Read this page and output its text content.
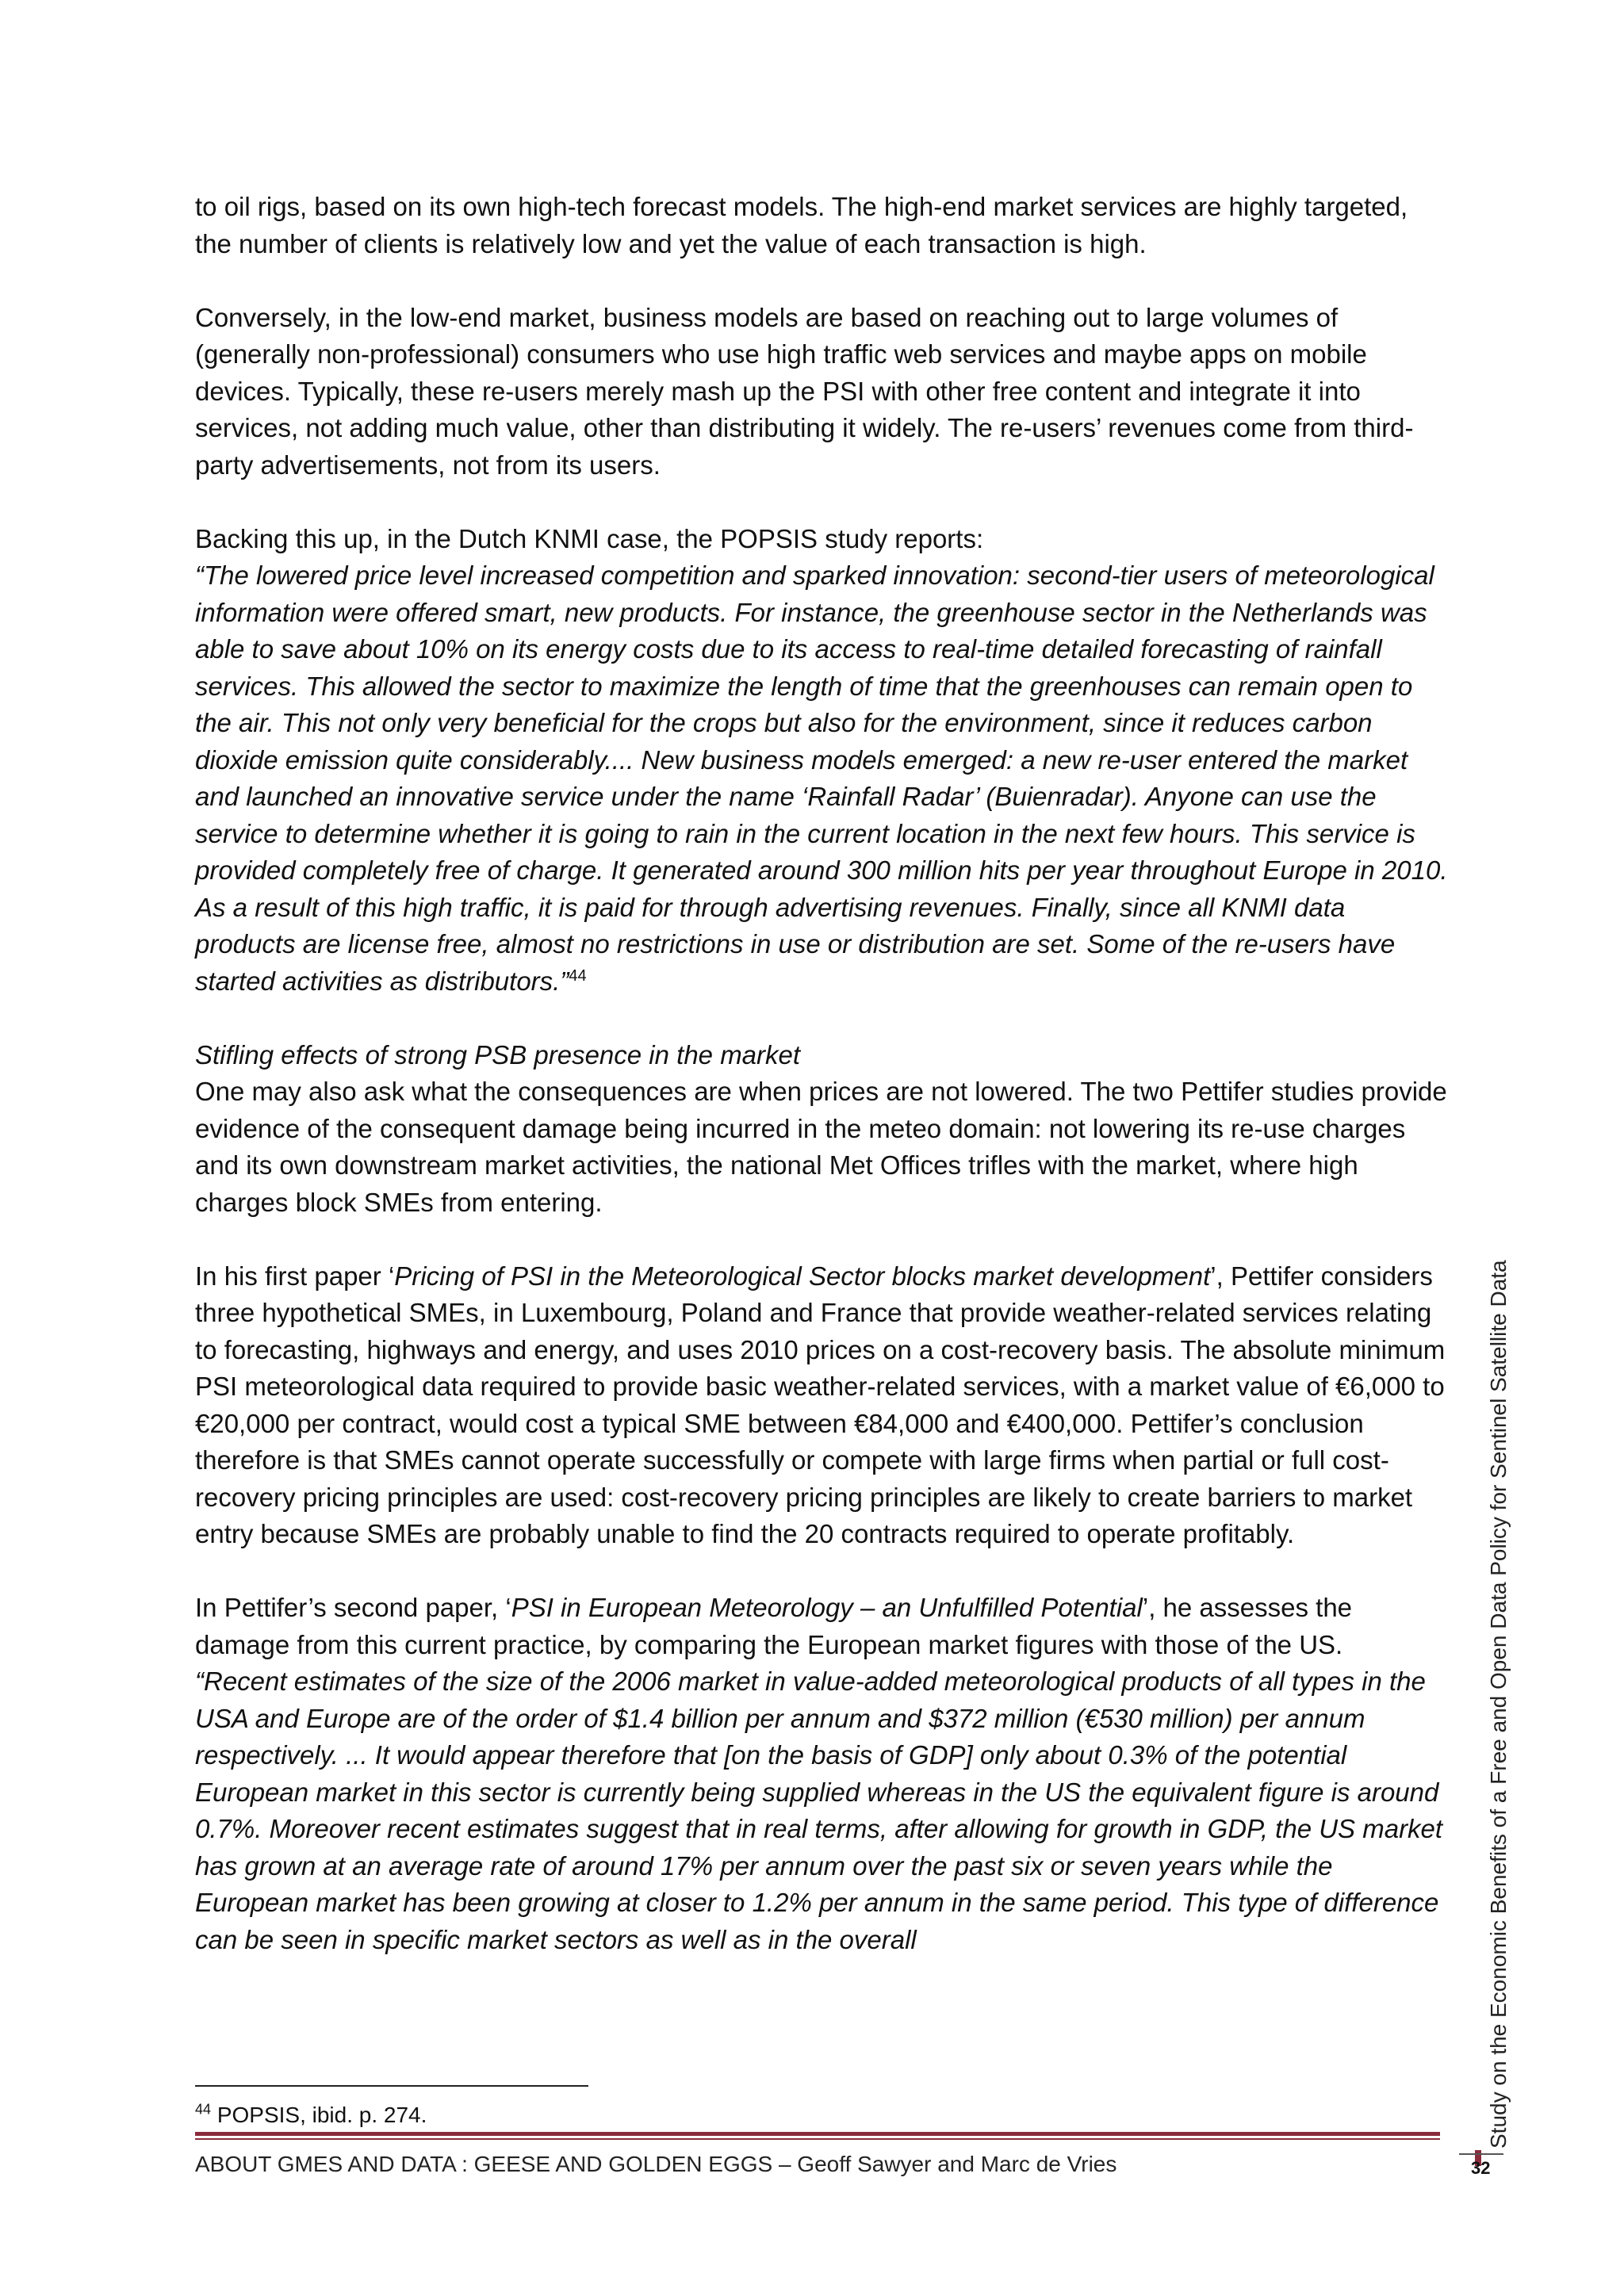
to oil rigs, based on its own high-tech forecast models. The high-end market services are highly targeted, the number of clients is relatively low and yet the value of each transaction is high.

Conversely, in the low-end market, business models are based on reaching out to large volumes of (generally non-professional) consumers who use high traffic web services and maybe apps on mobile devices. Typically, these re-users merely mash up the PSI with other free content and integrate it into services, not adding much value, other than distributing it widely. The re-users’ revenues come from third-party advertisements, not from its users.

Backing this up, in the Dutch KNMI case, the POPSIS study reports:

“The lowered price level increased competition and sparked innovation: second-tier users of meteorological information were offered smart, new products. For instance, the greenhouse sector in the Netherlands was able to save about 10% on its energy costs due to its access to real-time detailed forecasting of rainfall services. This allowed the sector to maximize the length of time that the greenhouses can remain open to the air. This not only very beneficial for the crops but also for the environment, since it reduces carbon dioxide emission quite considerably.... New business models emerged: a new re-user entered the market and launched an innovative service under the name ‘Rainfall Radar’ (Buienradar). Anyone can use the service to determine whether it is going to rain in the current location in the next few hours. This service is provided completely free of charge. It generated around 300 million hits per year throughout Europe in 2010. As a result of this high traffic, it is paid for through advertising revenues. Finally, since all KNMI data products are license free, almost no restrictions in use or distribution are set. Some of the re-users have started activities as distributors.”$^{44}$

Stifling effects of strong PSB presence in the market
One may also ask what the consequences are when prices are not lowered. The two Pettifer studies provide evidence of the consequent damage being incurred in the meteo domain: not lowering its re-use charges and its own downstream market activities, the national Met Offices trifles with the market, where high charges block SMEs from entering.

In his first paper ‘Pricing of PSI in the Meteorological Sector blocks market development’, Pettifer considers three hypothetical SMEs, in Luxembourg, Poland and France that provide weather-related services relating to forecasting, highways and energy, and uses 2010 prices on a cost-recovery basis. The absolute minimum PSI meteorological data required to provide basic weather-related services, with a market value of €6,000 to €20,000 per contract, would cost a typical SME between €84,000 and €400,000. Pettifer’s conclusion therefore is that SMEs cannot operate successfully or compete with large firms when partial or full cost-recovery pricing principles are used: cost-recovery pricing principles are likely to create barriers to market entry because SMEs are probably unable to find the 20 contracts required to operate profitably.

In Pettifer’s second paper, ‘PSI in European Meteorology – an Unfulfilled Potential’, he assesses the damage from this current practice, by comparing the European market figures with those of the US.
“Recent estimates of the size of the 2006 market in value-added meteorological products of all types in the USA and Europe are of the order of $1.4 billion per annum and $372 million (€530 million) per annum respectively. ... It would appear therefore that [on the basis of GDP] only about 0.3% of the potential European market in this sector is currently being supplied whereas in the US the equivalent figure is around 0.7%. Moreover recent estimates suggest that in real terms, after allowing for growth in GDP, the US market has grown at an average rate of around 17% per annum over the past six or seven years while the European market has been growing at closer to 1.2% per annum in the same period. This type of difference can be seen in specific market sectors as well as in the overall

$^{44}$ POPSIS, ibid. p. 274.
ABOUT GMES AND DATA : GEESE AND GOLDEN EGGS – Geoff Sawyer and Marc de Vries
Study on the Economic Benefits of a Free and Open Data Policy for Sentinel Satellite Data
32
